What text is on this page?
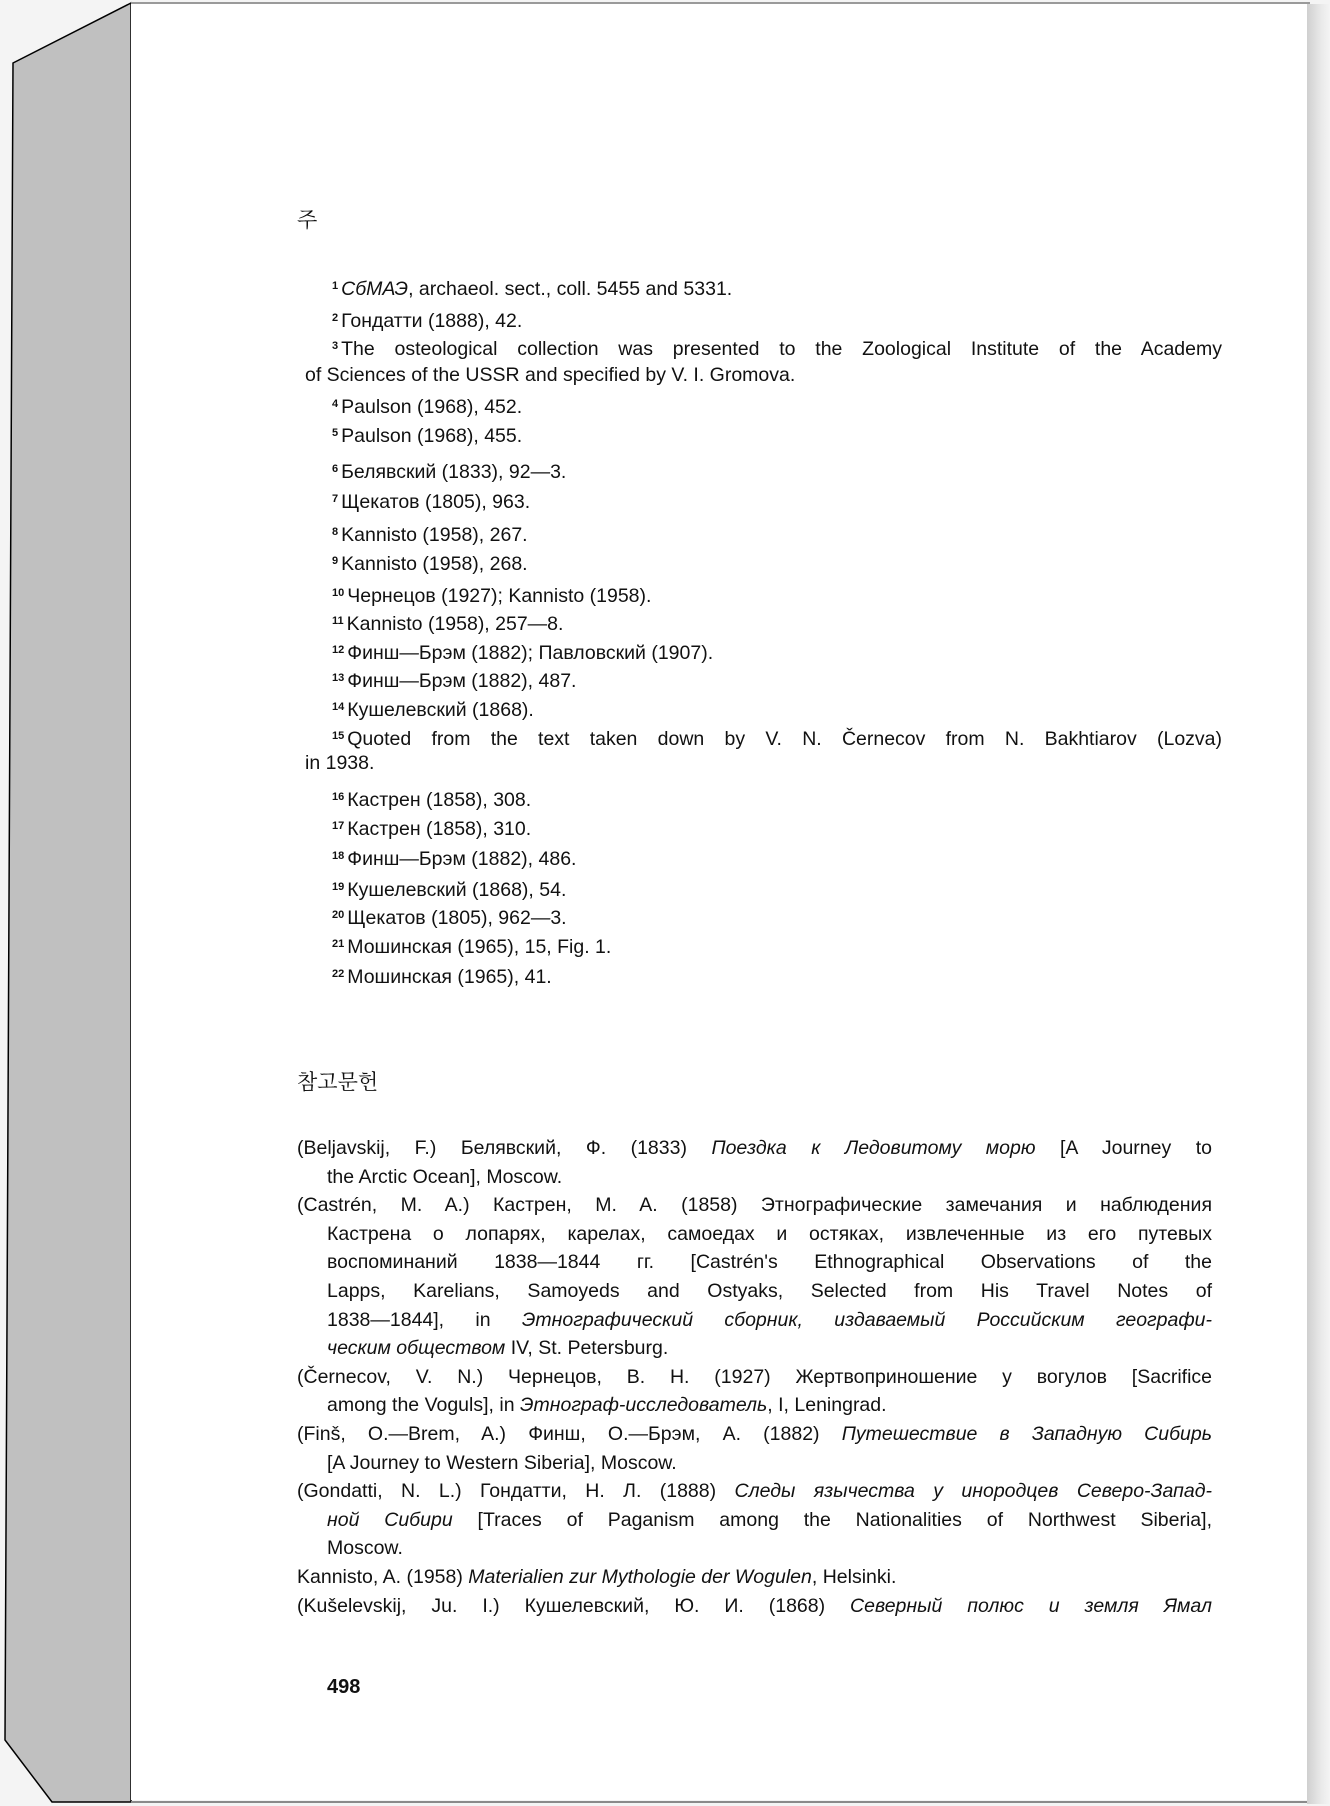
주
$^1$ СбМАЭ, archaeol. sect., coll. 5455 and 5331.
$^2$ Гондатти (1888), 42.
$^3$ The osteological collection was presented to the Zoological Institute of the Academy
of Sciences of the USSR and specified by V. I. Gromova.
$^4$ Paulson (1968), 452.
$^5$ Paulson (1968), 455.
$^6$ Белявский (1833), 92—3.
$^7$ Щекатов (1805), 963.
$^8$ Kannisto (1958), 267.
$^9$ Kannisto (1958), 268.
$^{10}$ Чернецов (1927); Kannisto (1958).
$^{11}$ Kannisto (1958), 257—8.
$^{12}$ Финш—Брэм (1882); Павловский (1907).
$^{13}$ Финш—Брэм (1882), 487.
$^{14}$ Кушелевский (1868).
$^{15}$ Quoted from the text taken down by V. N. Černecov from N. Bakhtiarov (Lozva)
in 1938.
$^{16}$ Кастрен (1858), 308.
$^{17}$ Кастрен (1858), 310.
$^{18}$ Финш—Брэм (1882), 486.
$^{19}$ Кушелевский (1868), 54.
$^{20}$ Щекатов (1805), 962—3.
$^{21}$ Мошинская (1965), 15, Fig. 1.
$^{22}$ Мошинская (1965), 41.
참고문헌
(Beljavskij, F.) Белявский, Ф. (1833) Поездка к Ледовитому морю [A Journey to
the Arctic Ocean], Moscow.
(Castrén, M. A.) Кастрен, M. A. (1858) Этнографические замечания и наблюдения
Кастрена о лопарях, карелах, самоедах и остяках, извлеченные из его путевых
воспоминаний 1838—1844 гг. [Castrén's Ethnographical Observations of the
Lapps, Karelians, Samoyeds and Ostyaks, Selected from His Travel Notes of
1838—1844], in Этнографический сборник, издаваемый Российским географи-
ческим обществом IV, St. Petersburg.
(Černecov, V. N.) Чернецов, B. H. (1927) Жертвоприношение у вогулов [Sacrifice
among the Voguls], in Этнограф-исследователь, I, Leningrad.
(Finš, O.—Brem, A.) Финш, O.—Брэм, A. (1882) Путешествие в Западную Сибирь
[A Journey to Western Siberia], Moscow.
(Gondatti, N. L.) Гондатти, Н. Л. (1888) Следы язычества у инородцев Северо-Запад-
ной Сибири [Traces of Paganism among the Nationalities of Northwest Siberia],
Moscow.
Kannisto, A. (1958) Materialien zur Mythologie der Wogulen, Helsinki.
(Kušelevskij, Ju. I.) Кушелевский, Ю. И. (1868) Северный полюс и земля Ямал
498
